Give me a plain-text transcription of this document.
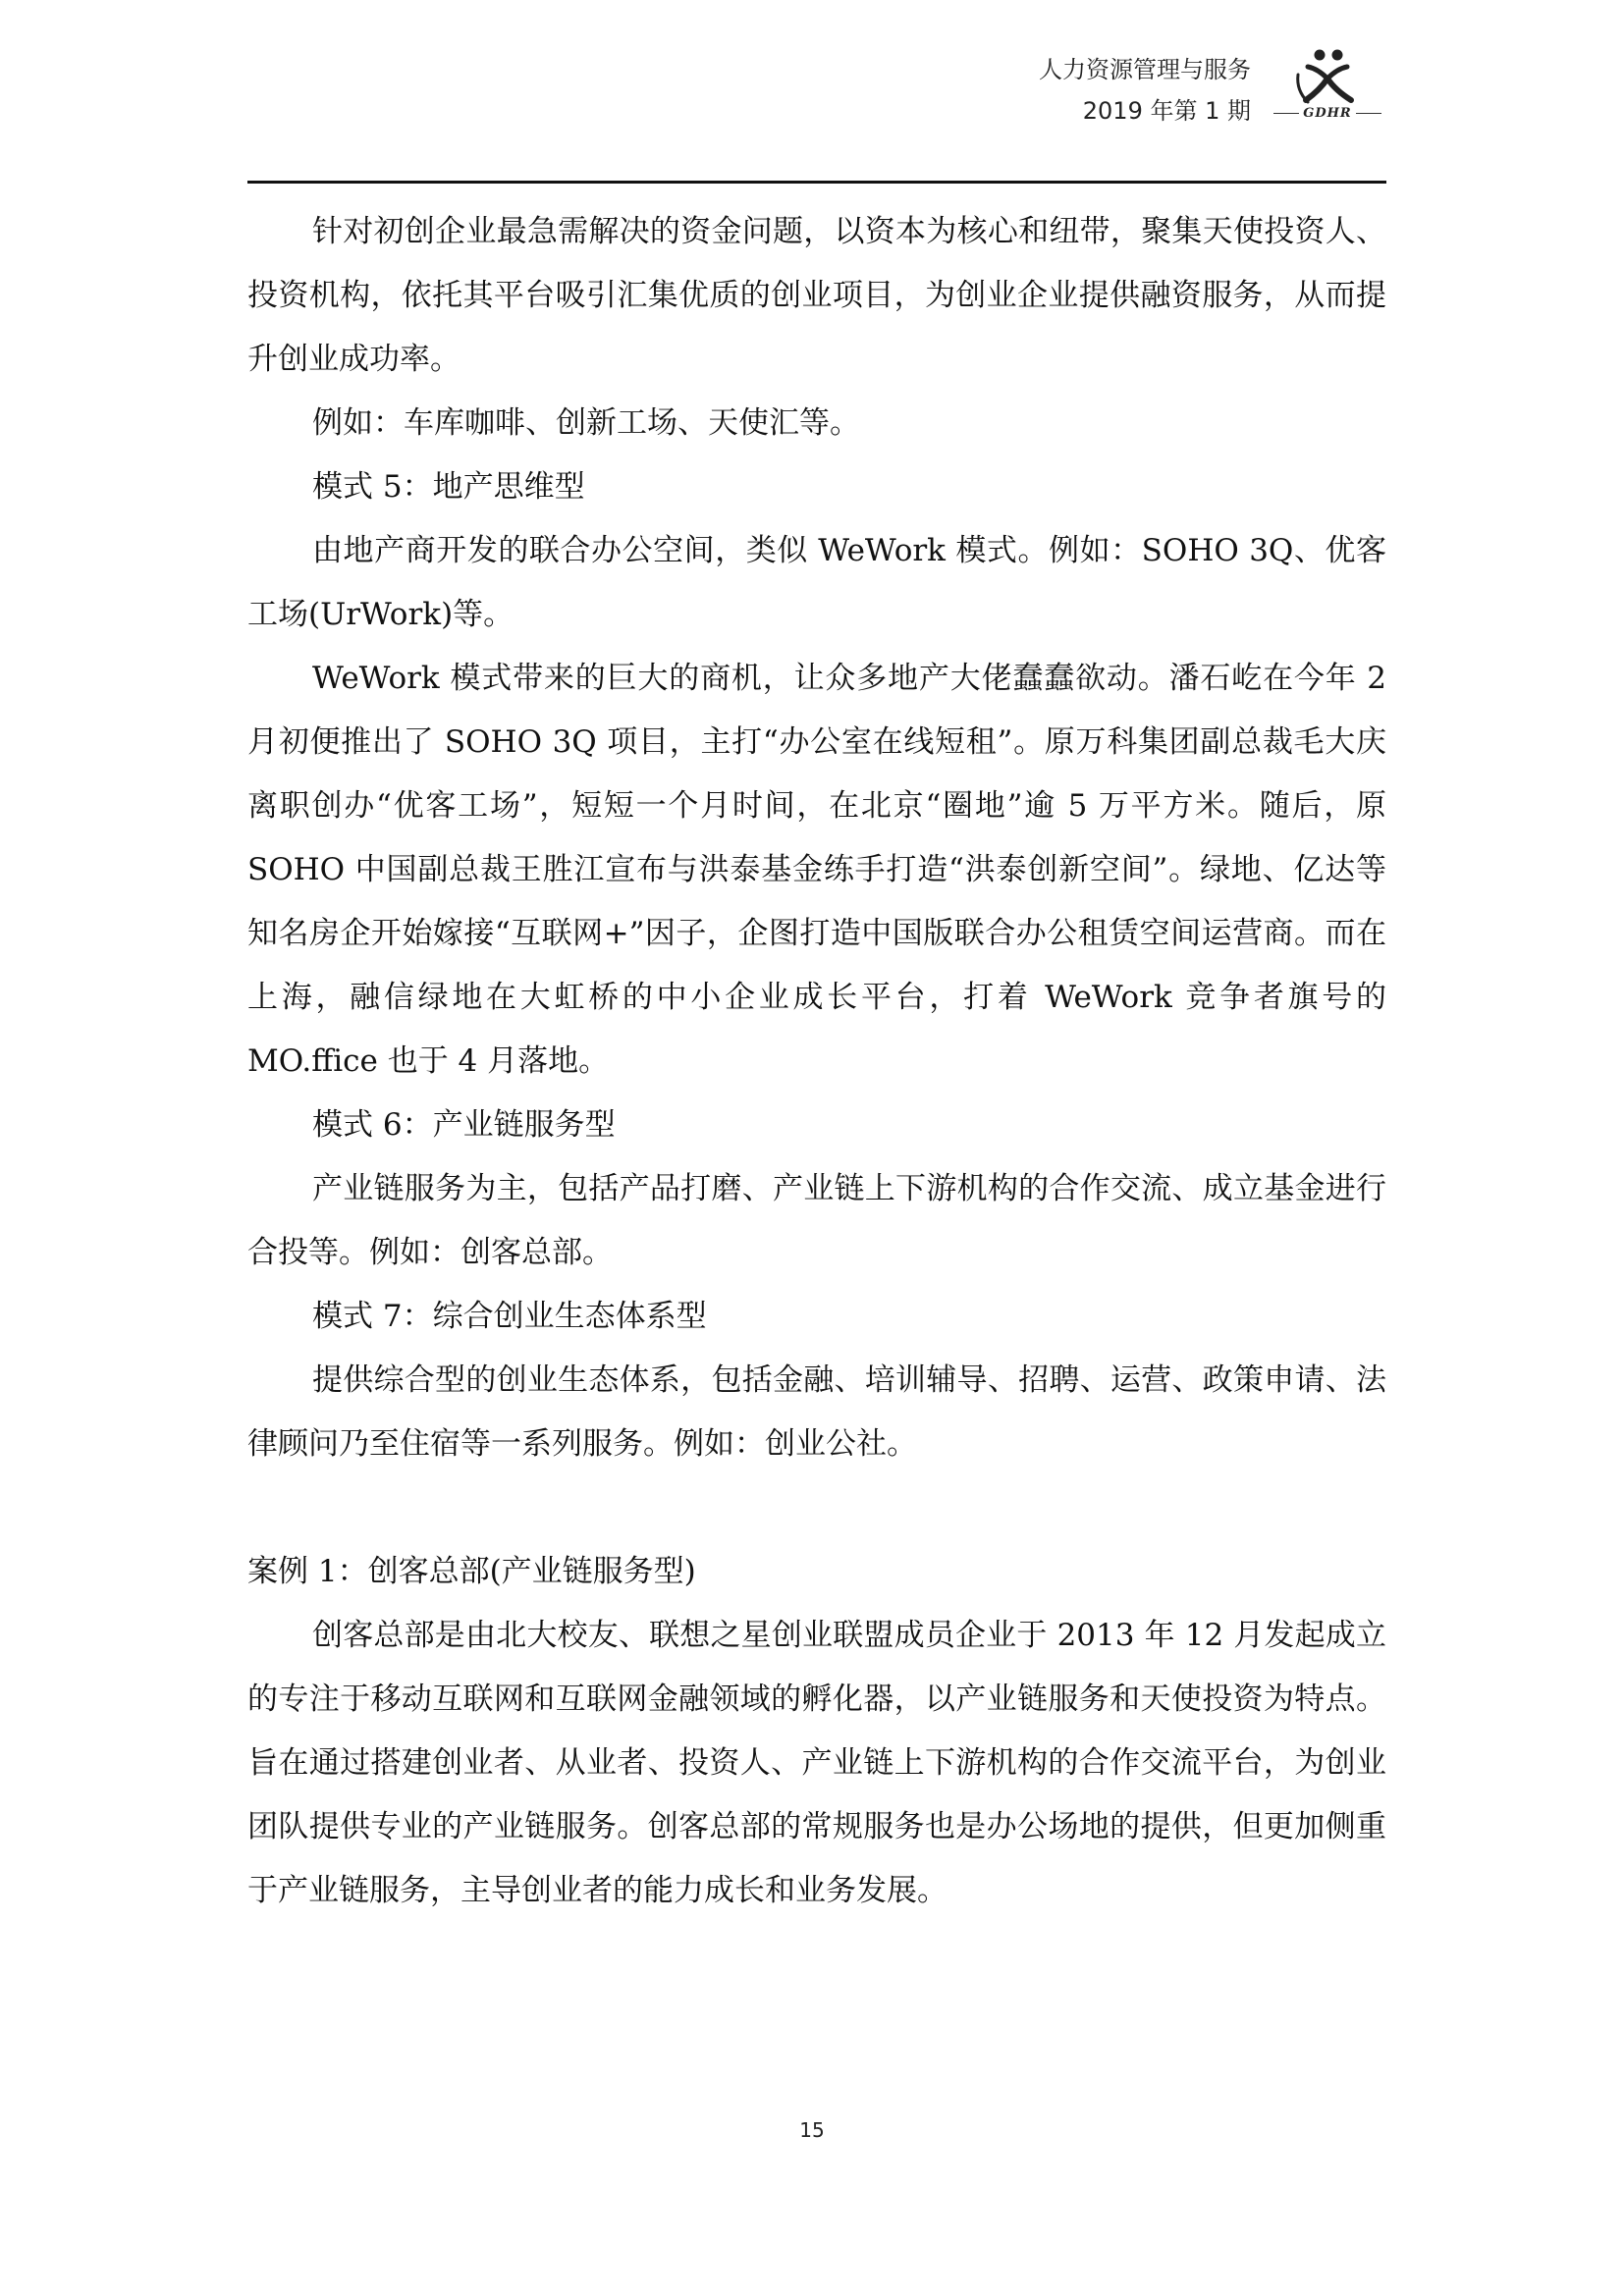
人力资源管理与服务
2019 年第 1 期	GDHR

针对初创企业最急需解决的资金问题，以资本为核心和纽带，聚集天使投资人、投资机构，依托其平台吸引汇集优质的创业项目，为创业企业提供融资服务，从而提升创业成功率。

例如：车库咖啡、创新工场、天使汇等。

模式 5：地产思维型

由地产商开发的联合办公空间，类似 WeWork 模式。例如：SOHO 3Q、优客工场(UrWork)等。

WeWork 模式带来的巨大的商机，让众多地产大佬蠢蠢欲动。潘石屹在今年 2 月初便推出了 SOHO 3Q 项目，主打“办公室在线短租”。原万科集团副总裁毛大庆离职创办“优客工场”，短短一个月时间，在北京“圈地”逾 5 万平方米。随后，原 SOHO 中国副总裁王胜江宣布与洪泰基金练手打造“洪泰创新空间”。绿地、亿达等知名房企开始嫁接“互联网+”因子，企图打造中国版联合办公租赁空间运营商。而在上海，融信绿地在大虹桥的中小企业成长平台，打着 WeWork 竞争者旗号的 MO.ffice 也于 4 月落地。

模式 6：产业链服务型

产业链服务为主，包括产品打磨、产业链上下游机构的合作交流、成立基金进行合投等。例如：创客总部。

模式 7：综合创业生态体系型

提供综合型的创业生态体系，包括金融、培训辅导、招聘、运营、政策申请、法律顾问乃至住宿等一系列服务。例如：创业公社。

案例 1：创客总部(产业链服务型)

创客总部是由北大校友、联想之星创业联盟成员企业于 2013 年 12 月发起成立的专注于移动互联网和互联网金融领域的孵化器，以产业链服务和天使投资为特点。旨在通过搭建创业者、从业者、投资人、产业链上下游机构的合作交流平台，为创业团队提供专业的产业链服务。创客总部的常规服务也是办公场地的提供，但更加侧重于产业链服务，主导创业者的能力成长和业务发展。

15
